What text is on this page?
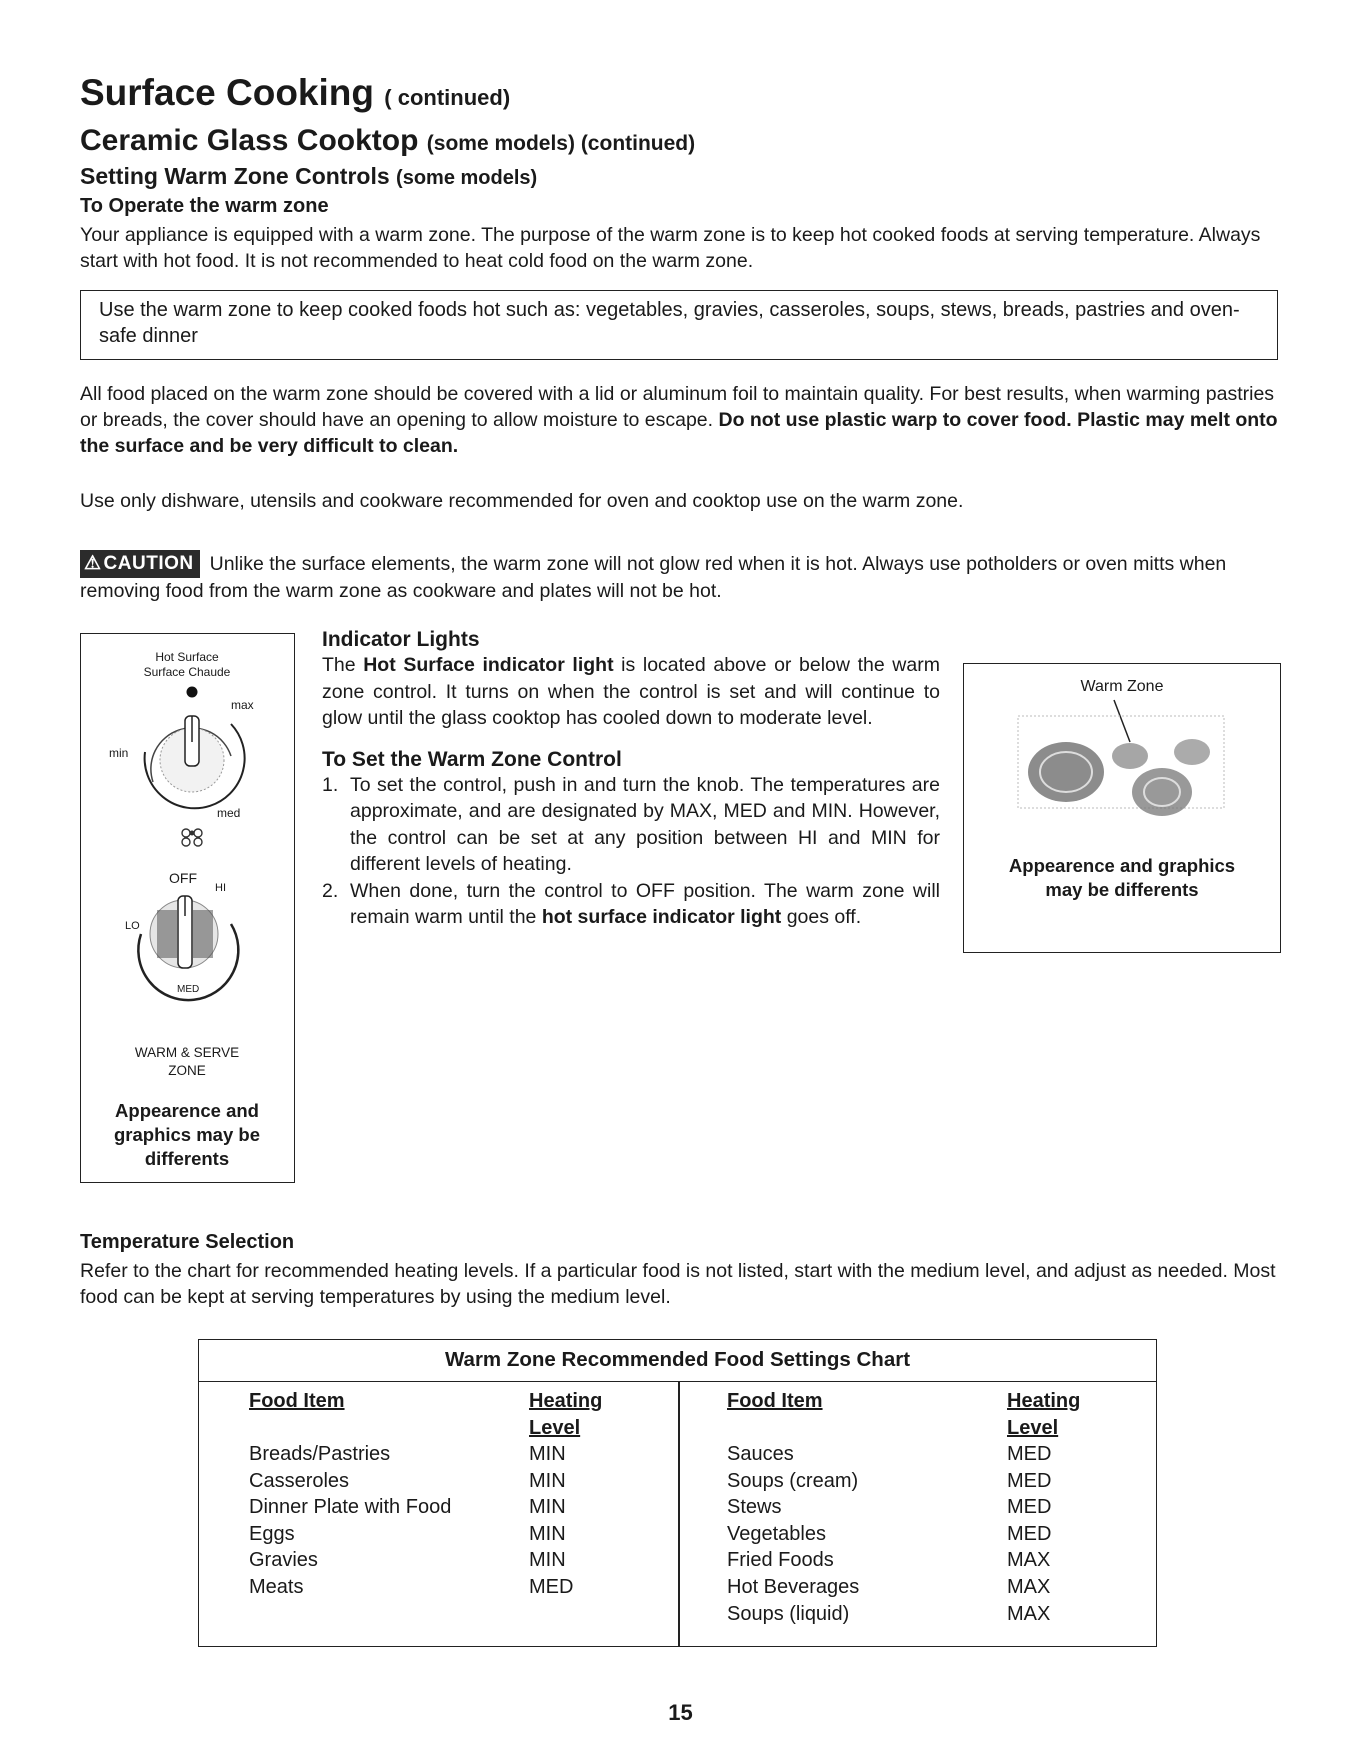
Surface Cooking ( continued)
Ceramic Glass Cooktop (some models) (continued)
Setting Warm Zone Controls (some models)
To Operate the warm zone
Your appliance is equipped with a warm zone. The purpose of the warm zone is to keep hot cooked foods at serving temperature. Always start with hot food. It is not recommended to heat cold food on the warm zone.
Use the warm zone to keep cooked foods hot such as: vegetables, gravies, casseroles, soups, stews, breads, pastries and oven-safe dinner
All food placed on the warm zone should be covered with a lid or aluminum foil to maintain quality. For best results, when warming pastries or breads, the cover should have an opening to allow moisture to escape. Do not use plastic warp to cover food. Plastic may melt onto the surface and be very difficult to clean.
Use only dishware, utensils and cookware recommended for oven and cooktop use on the warm zone.
⚠ CAUTION Unlike the surface elements, the warm zone will not glow red when it is hot. Always use potholders or oven mitts when removing food from the warm zone as cookware and plates will not be hot.
Hot Surface
Surface Chaude
max
min
med
OFF
HI
LO
MED
WARM & SERVE
ZONE
Appearence and
graphics may be
differents

Indicator Lights

The Hot Surface indicator light is located above or below the warm zone control. It turns on when the control is set and will continue to glow until the glass cooktop has cooled down to moderate level.

To Set the Warm Zone Control

1. To set the control, push in and turn the knob. The temperatures are approximate, and are designated by MAX, MED and MIN. However, the control can be set at any position between HI and MIN for different levels of heating.
2. When done, turn the control to OFF position. The warm zone will remain warm until the hot surface indicator light goes off.
Warm Zone
Appearence and graphics
may be differents
Temperature Selection
Refer to the chart for recommended heating levels. If a particular food is not listed, start with the medium level, and adjust as needed. Most food can be kept at serving temperatures by using the medium level.
Warm Zone Recommended Food Settings Chart
Food Item	Heating
Level
Food Item	Heating
Level
Breads/Pastries
Casseroles
Dinner Plate with Food
Eggs
Gravies
Meats
MIN
MIN
MIN
MIN
MIN
MED
Sauces
Soups (cream)
Stews
Vegetables
Fried Foods
Hot Beverages
Soups (liquid)
MED
MED
MED
MED
MAX
MAX
MAX
15
